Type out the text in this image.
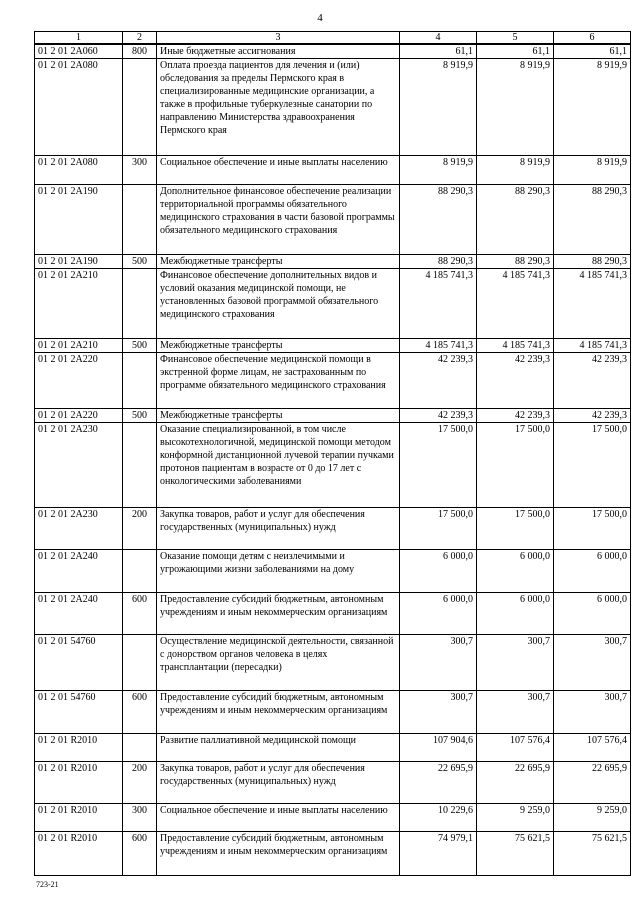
4
1	2	3	4	5	6
01 2 01 2А060	800	Иные бюджетные ассигнования	61,1	61,1	61,1
01 2 01 2А080		Оплата проезда пациентов для лечения и (или) обследования за пределы Пермского края в специализированные медицинские организации, а также в профильные туберкулезные санатории по направлению Министерства здравоохранения Пермского края	8 919,9	8 919,9	8 919,9
01 2 01 2А080	300	Социальное обеспечение и иные выплаты населению	8 919,9	8 919,9	8 919,9
01 2 01 2А190		Дополнительное финансовое обеспечение реализации территориальной программы обязательного медицинского страхования в части базовой программы обязательного медицинского страхования	88 290,3	88 290,3	88 290,3
01 2 01 2А190	500	Межбюджетные трансферты	88 290,3	88 290,3	88 290,3
01 2 01 2А210		Финансовое обеспечение дополнительных видов и условий оказания медицинской помощи, не установленных базовой программой обязательного медицинского страхования	4 185 741,3	4 185 741,3	4 185 741,3
01 2 01 2А210	500	Межбюджетные трансферты	4 185 741,3	4 185 741,3	4 185 741,3
01 2 01 2А220		Финансовое обеспечение медицинской помощи в экстренной форме лицам, не застрахованным по программе обязательного медицинского страхования	42 239,3	42 239,3	42 239,3
01 2 01 2А220	500	Межбюджетные трансферты	42 239,3	42 239,3	42 239,3
01 2 01 2А230		Оказание специализированной, в том числе высокотехнологичной, медицинской помощи методом конформной дистанционной лучевой терапии пучками протонов пациентам в возрасте от 0 до 17 лет с онкологическими заболеваниями	17 500,0	17 500,0	17 500,0
01 2 01 2А230	200	Закупка товаров, работ и услуг для обеспечения государственных (муниципальных) нужд	17 500,0	17 500,0	17 500,0
01 2 01 2А240		Оказание помощи детям с неизлечимыми и угрожающими жизни заболеваниями на дому	6 000,0	6 000,0	6 000,0
01 2 01 2А240	600	Предоставление субсидий бюджетным, автономным учреждениям и иным некоммерческим организациям	6 000,0	6 000,0	6 000,0
01 2 01 54760		Осуществление медицинской деятельности, связанной с донорством органов человека в целях трансплантации (пересадки)	300,7	300,7	300,7
01 2 01 54760	600	Предоставление субсидий бюджетным, автономным учреждениям и иным некоммерческим организациям	300,7	300,7	300,7
01 2 01 R2010		Развитие паллиативной медицинской помощи	107 904,6	107 576,4	107 576,4
01 2 01 R2010	200	Закупка товаров, работ и услуг для обеспечения государственных (муниципальных) нужд	22 695,9	22 695,9	22 695,9
01 2 01 R2010	300	Социальное обеспечение и иные выплаты населению	10 229,6	9 259,0	9 259,0
01 2 01 R2010	600	Предоставление субсидий бюджетным, автономным учреждениям и иным некоммерческим организациям	74 979,1	75 621,5	75 621,5
723-21
